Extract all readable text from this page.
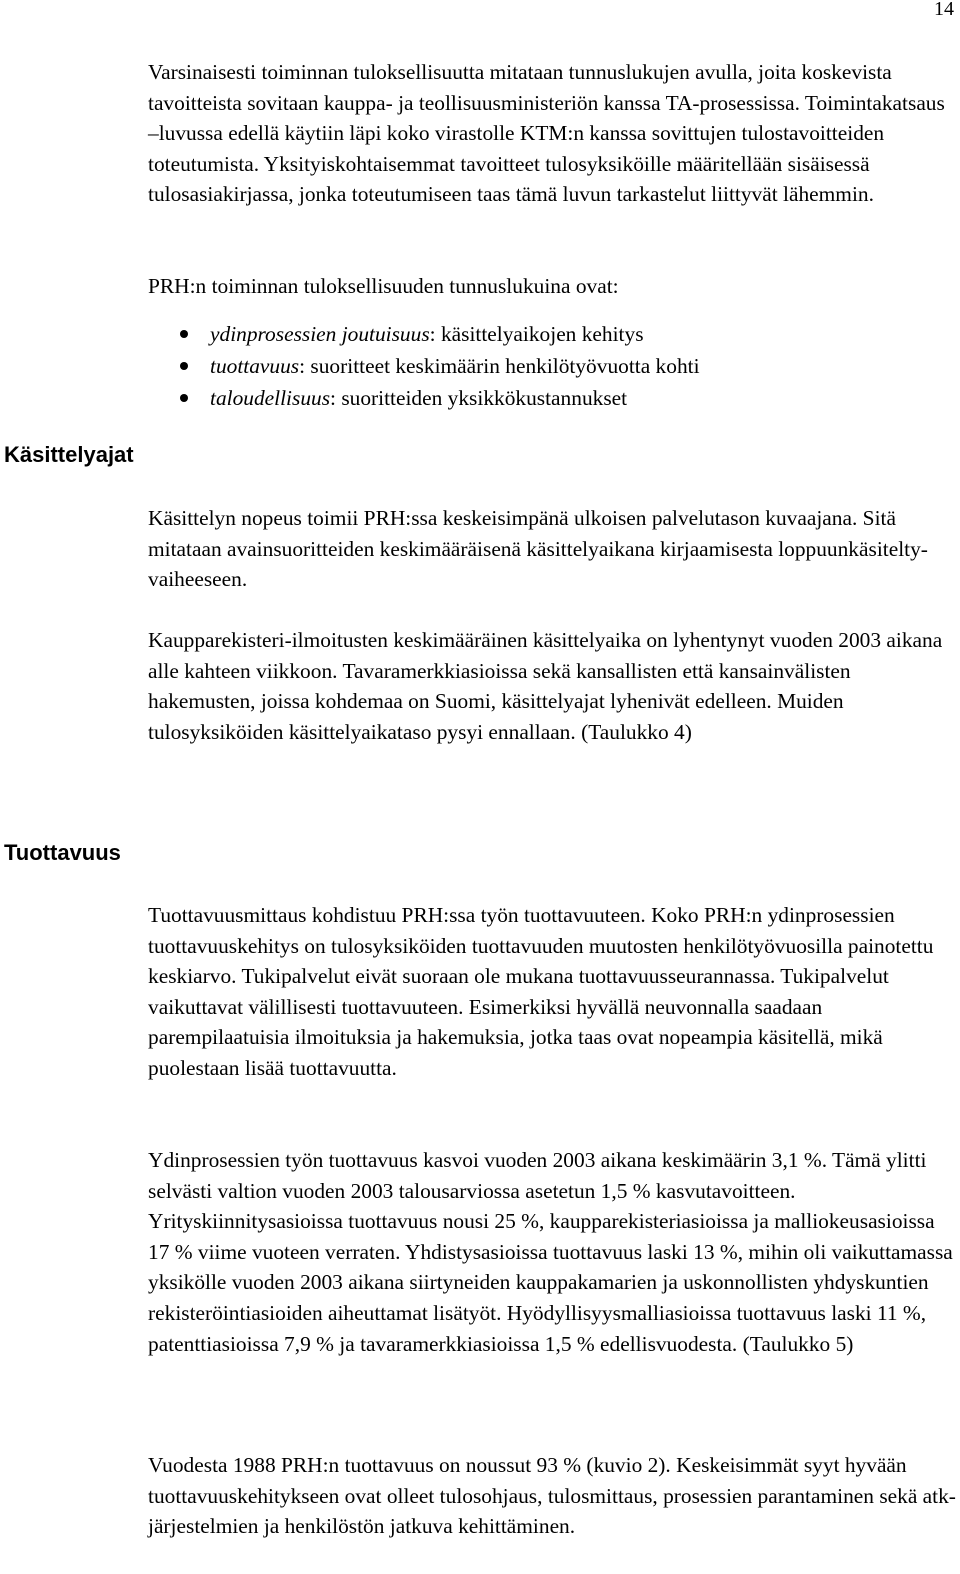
14

Varsinaisesti toiminnan tuloksellisuutta mitataan tunnuslukujen avulla, joita koskevista tavoitteista sovitaan kauppa- ja teollisuusministeriön kanssa TA-prosessissa. Toimintakatsaus –luvussa edellä käytiin läpi koko virastolle KTM:n kanssa sovittujen tulostavoitteiden toteutumista. Yksityiskohtaisemmat tavoitteet tulosyksiköille määritellään sisäisessä tulosasiakirjassa, jonka toteutumiseen taas tämä luvun tarkastelut liittyvät lähemmin.

PRH:n toiminnan tuloksellisuuden tunnuslukuina ovat:

ydinprosessien joutuisuus: käsittelyaikojen kehitys
tuottavuus: suoritteet keskimäärin henkilötyövuotta kohti
taloudellisuus: suoritteiden yksikkökustannukset
Käsittelyajat

Käsittelyn nopeus toimii PRH:ssa keskeisimpänä ulkoisen palvelutason kuvaajana. Sitä mitataan avainsuoritteiden keskimääräisenä käsittelyaikana kirjaamisesta loppuunkäsitelty-vaiheeseen.

Kaupparekisteri-ilmoitusten keskimääräinen käsittelyaika on lyhentynyt vuoden 2003 aikana alle kahteen viikkoon. Tavaramerkkiasioissa sekä kansallisten että kansainvälisten hakemusten, joissa kohdemaa on Suomi, käsittelyajat lyhenivät edelleen. Muiden tulosyksiköiden käsittelyaikataso pysyi ennallaan. (Taulukko 4)

Tuottavuus

Tuottavuusmittaus kohdistuu PRH:ssa työn tuottavuuteen. Koko PRH:n ydinprosessien tuottavuuskehitys on tulosyksiköiden tuottavuuden muutosten henkilötyövuosilla painotettu keskiarvo. Tukipalvelut eivät suoraan ole mukana tuottavuusseurannassa. Tukipalvelut vaikuttavat välillisesti tuottavuuteen. Esimerkiksi hyvällä neuvonnalla saadaan parempilaatuisia ilmoituksia ja hakemuksia, jotka taas ovat nopeampia käsitellä, mikä puolestaan lisää tuottavuutta.

Ydinprosessien työn tuottavuus kasvoi vuoden 2003 aikana keskimäärin 3,1 %. Tämä ylitti selvästi valtion vuoden 2003 talousarviossa asetetun 1,5 % kasvutavoitteen. Yrityskiinnitysasioissa tuottavuus nousi 25 %, kaupparekisteriasioissa ja malliokeusasioissa 17 % viime vuoteen verraten. Yhdistysasioissa tuottavuus laski 13 %, mihin oli vaikuttamassa yksikölle vuoden 2003 aikana siirtyneiden kauppakamarien ja uskonnollisten yhdyskuntien rekisteröintiasioiden aiheuttamat lisätyöt. Hyödyllisyysmalliasioissa tuottavuus laski 11 %, patenttiasioissa 7,9 % ja tavaramerkkiasioissa 1,5 % edellisvuodesta. (Taulukko 5)

Vuodesta 1988 PRH:n tuottavuus on noussut 93 % (kuvio 2). Keskeisimmät syyt hyvään tuottavuuskehitykseen ovat olleet tulosohjaus, tulosmittaus, prosessien parantaminen sekä atk-järjestelmien ja henkilöstön jatkuva kehittäminen.
